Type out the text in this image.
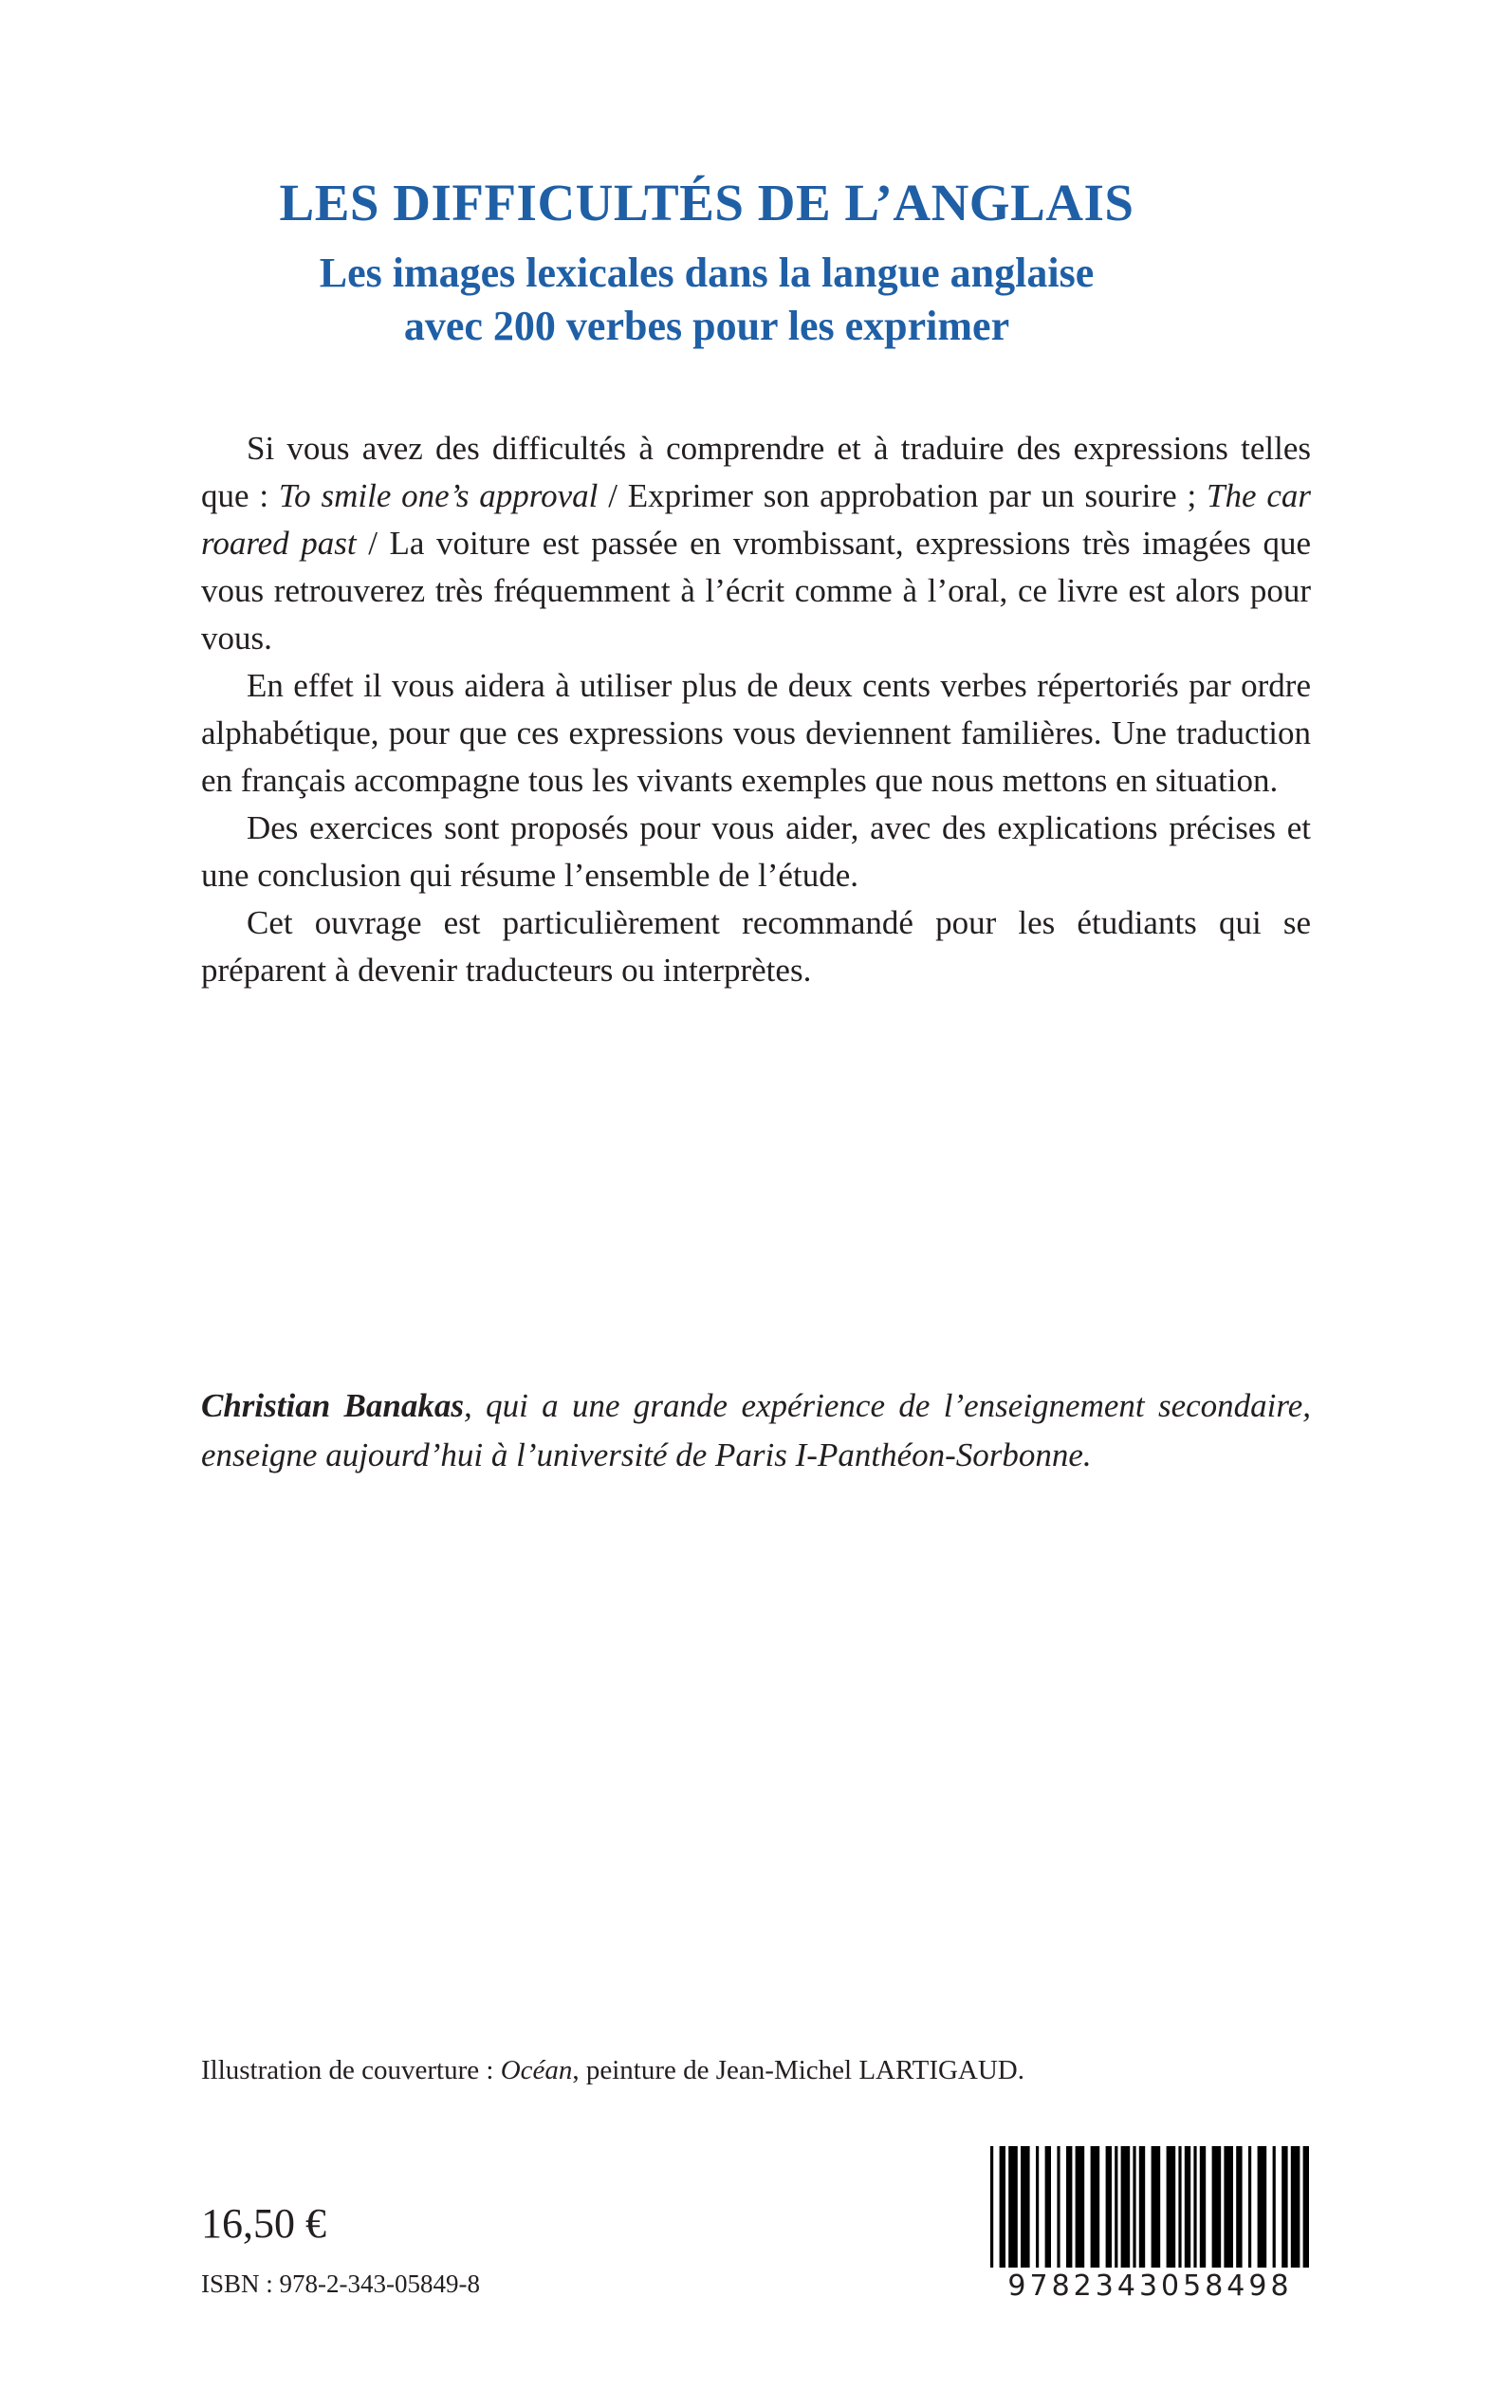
LES DIFFICULTÉS DE L’ANGLAIS
Les images lexicales dans la langue anglaise
avec 200 verbes pour les exprimer

Si vous avez des difficultés à comprendre et à traduire des expressions telles que : To smile one’s approval / Exprimer son approbation par un sourire ; The car roared past / La voiture est passée en vrombissant, expressions très imagées que vous retrouverez très fréquemment à l’écrit comme à l’oral, ce livre est alors pour vous.

En effet il vous aidera à utiliser plus de deux cents verbes répertoriés par ordre alphabétique, pour que ces expressions vous deviennent familières. Une traduction en français accompagne tous les vivants exemples que nous mettons en situation.

Des exercices sont proposés pour vous aider, avec des explications précises et une conclusion qui résume l’ensemble de l’étude.

Cet ouvrage est particulièrement recommandé pour les étudiants qui se préparent à devenir traducteurs ou interprètes.

Christian Banakas, qui a une grande expérience de l’enseignement secondaire, enseigne aujourd’hui à l’université de Paris I-Panthéon-Sorbonne.

Illustration de couverture : Océan, peinture de Jean-Michel LARTIGAUD.

16,50 €

ISBN : 978-2-343-05849-8	9782343058498
